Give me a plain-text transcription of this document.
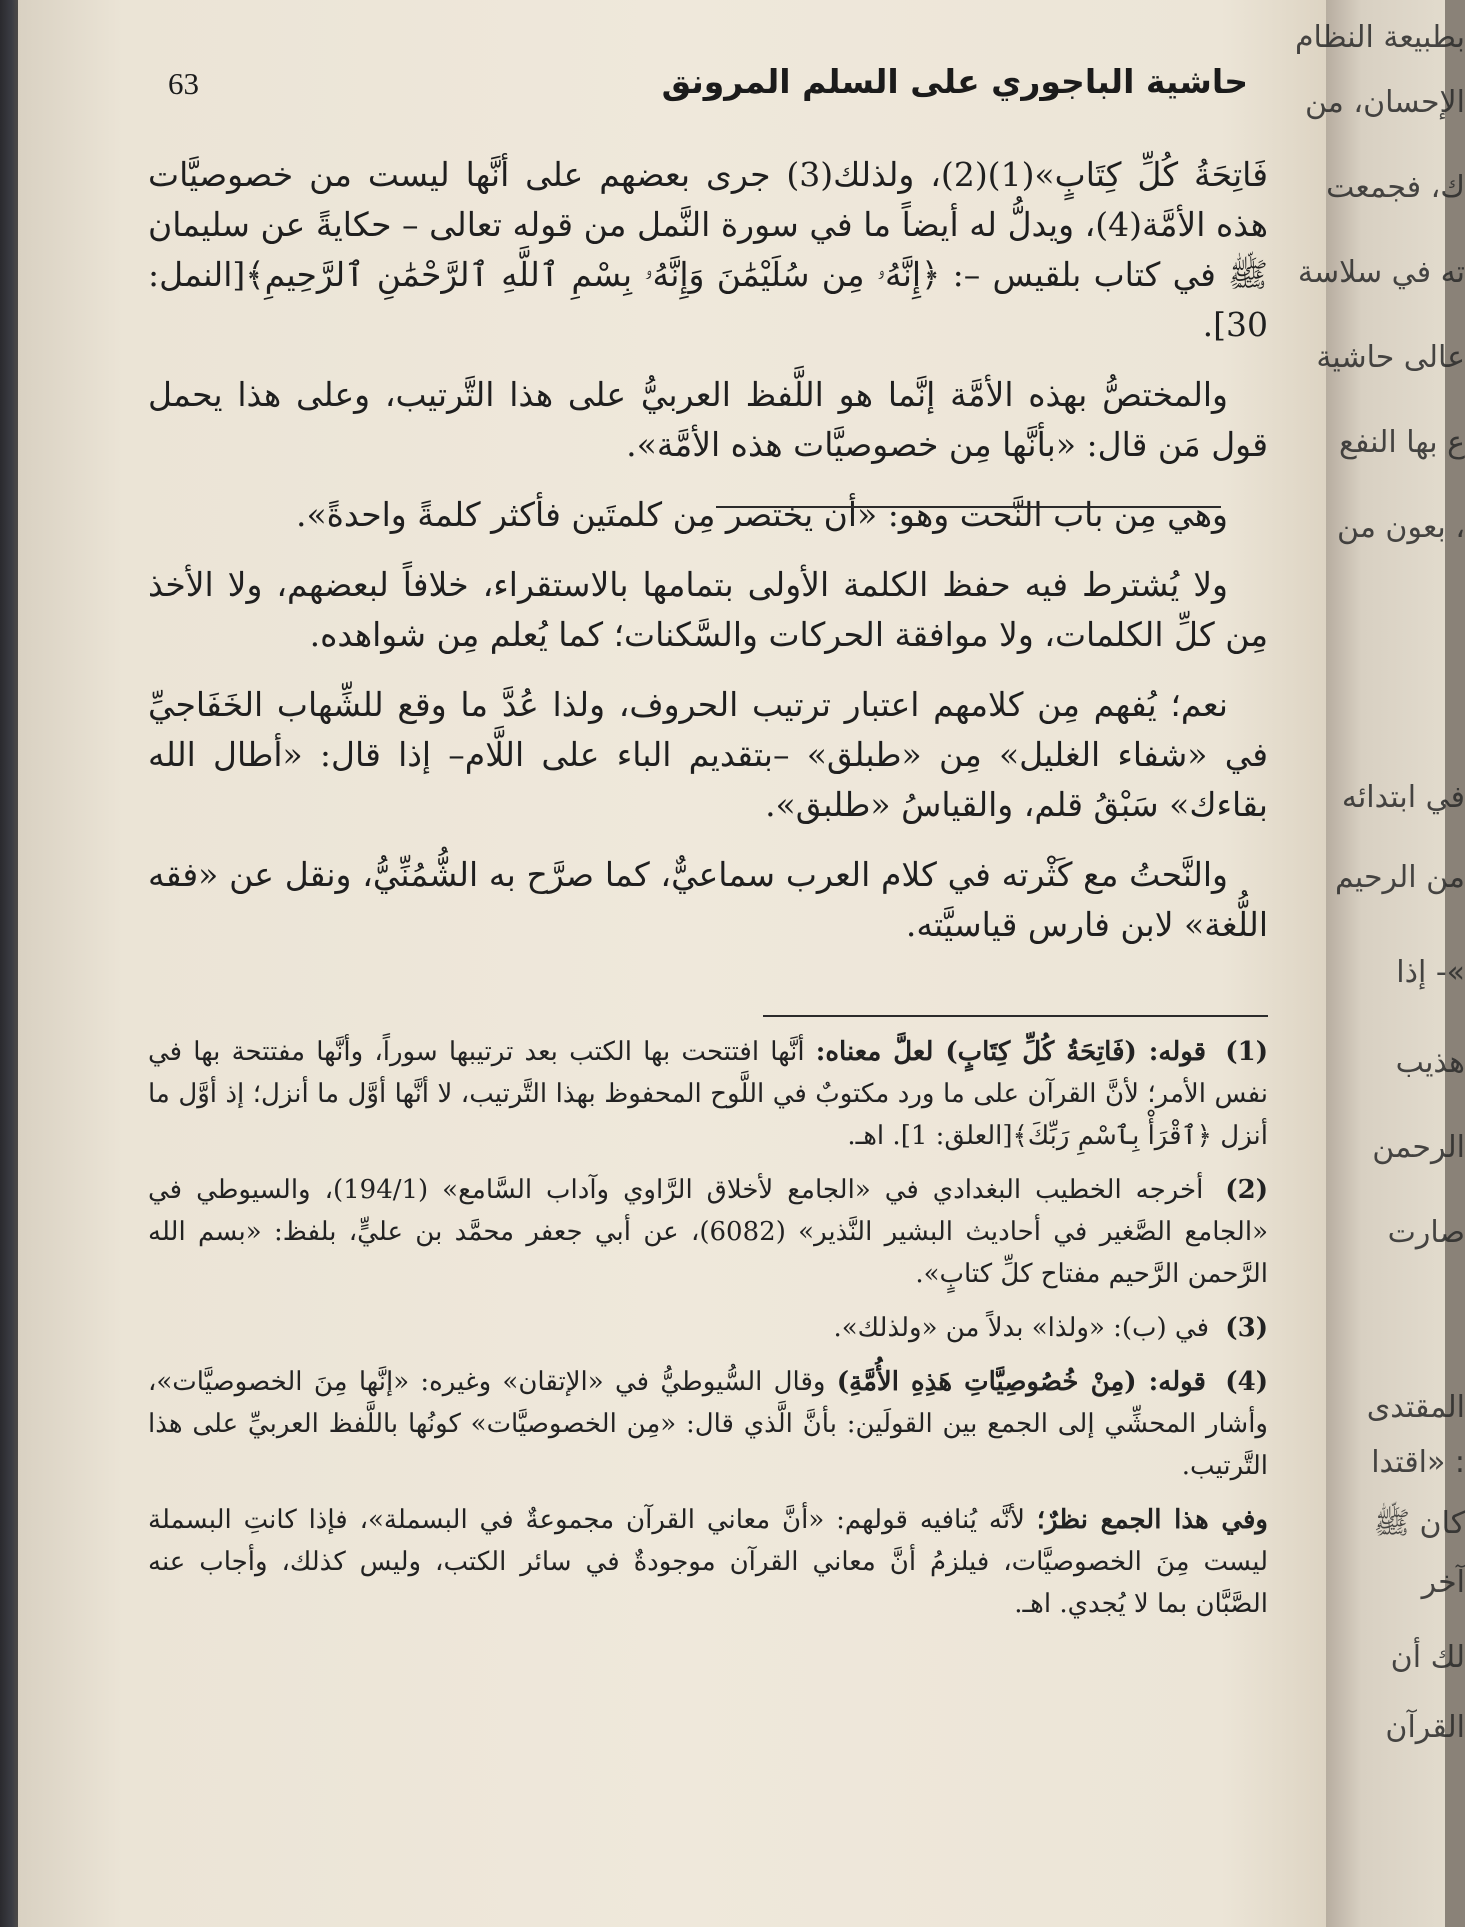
63	حاشية الباجوري على السلم المرونق

فَاتِحَةُ كُلِّ كِتَابٍ»(1)(2)، ولذلك(3) جرى بعضهم على أنَّها ليست من خصوصيَّات هذه الأمَّة(4)، ويدلُّ له أيضاً ما في سورة النَّمل من قوله تعالى – حكايةً عن سليمان ﷺ في كتاب بلقيس –: ﴿إِنَّهُۥ مِن سُلَيْمَٰنَ وَإِنَّهُۥ بِسْمِ ٱللَّهِ ٱلرَّحْمَٰنِ ٱلرَّحِيمِ﴾[النمل: 30].

والمختصُّ بهذه الأمَّة إنَّما هو اللَّفظ العربيُّ على هذا التَّرتيب، وعلى هذا يحمل قول مَن قال: «بأنَّها مِن خصوصيَّات هذه الأمَّة».

وهي مِن باب النَّحت وهو: «أن يختصر مِن كلمتَين فأكثر كلمةً واحدةً».

ولا يُشترط فيه حفظ الكلمة الأولى بتمامها بالاستقراء، خلافاً لبعضهم، ولا الأخذ مِن كلِّ الكلمات، ولا موافقة الحركات والسَّكنات؛ كما يُعلم مِن شواهده.

نعم؛ يُفهم مِن كلامهم اعتبار ترتيب الحروف، ولذا عُدَّ ما وقع للشِّهاب الخَفَاجيِّ في «شفاء الغليل» مِن «طبلق» –بتقديم الباء على اللَّام– إذا قال: «أطال الله بقاءك» سَبْقُ قلم، والقياسُ «طلبق».

والنَّحتُ مع كَثْرته في كلام العرب سماعيٌّ، كما صرَّح به الشُّمُنِّيُّ، ونقل عن «فقه اللُّغة» لابن فارس قياسيَّته.

(1) قوله: (فَاتِحَةُ كُلِّ كِتَابٍ) لعلَّ معناه: أنَّها افتتحت بها الكتب بعد ترتيبها سوراً، وأنَّها مفتتحة بها في نفس الأمر؛ لأنَّ القرآن على ما ورد مكتوبٌ في اللَّوح المحفوظ بهذا التَّرتيب، لا أنَّها أوَّل ما أنزل؛ إذ أوَّل ما أنزل ﴿ٱقْرَأْ بِٱسْمِ رَبِّكَ﴾[العلق: 1]. اهـ.

(2) أخرجه الخطيب البغدادي في «الجامع لأخلاق الرَّاوي وآداب السَّامع» (194/1)، والسيوطي في «الجامع الصَّغير في أحاديث البشير النَّذير» (6082)، عن أبي جعفر محمَّد بن عليٍّ، بلفظ: «بسم الله الرَّحمن الرَّحيم مفتاح كلِّ كتابٍ».

(3) في (ب): «ولذا» بدلاً من «ولذلك».

(4) قوله: (مِنْ خُصُوصِيَّاتِ هَذِهِ الأُمَّةِ) وقال السُّيوطيُّ في «الإتقان» وغيره: «إنَّها مِنَ الخصوصيَّات»، وأشار المحشِّي إلى الجمع بين القولَين: بأنَّ الَّذي قال: «مِن الخصوصيَّات» كونُها باللَّفظ العربيِّ على هذا التَّرتيب.

وفي هذا الجمع نظرٌ؛ لأنَّه يُنافيه قولهم: «أنَّ معاني القرآن مجموعةٌ في البسملة»، فإذا كانتِ البسملة ليست مِنَ الخصوصيَّات، فيلزمُ أنَّ معاني القرآن موجودةٌ في سائر الكتب، وليس كذلك، وأجاب عنه الصَّبَّان بما لا يُجدي. اهـ.

بطبيعة النظام
الإحسان، من
ك، فجمعت
ته في سلاسة
عالى حاشية
ع بها النفع
، بعون من
في ابتدائه
من الرحيم
»- إذا
هذيب
الرحمن
صارت
المقتدى
: «اقتدا
كان ﷺ
آخر
لك أن
القرآن
